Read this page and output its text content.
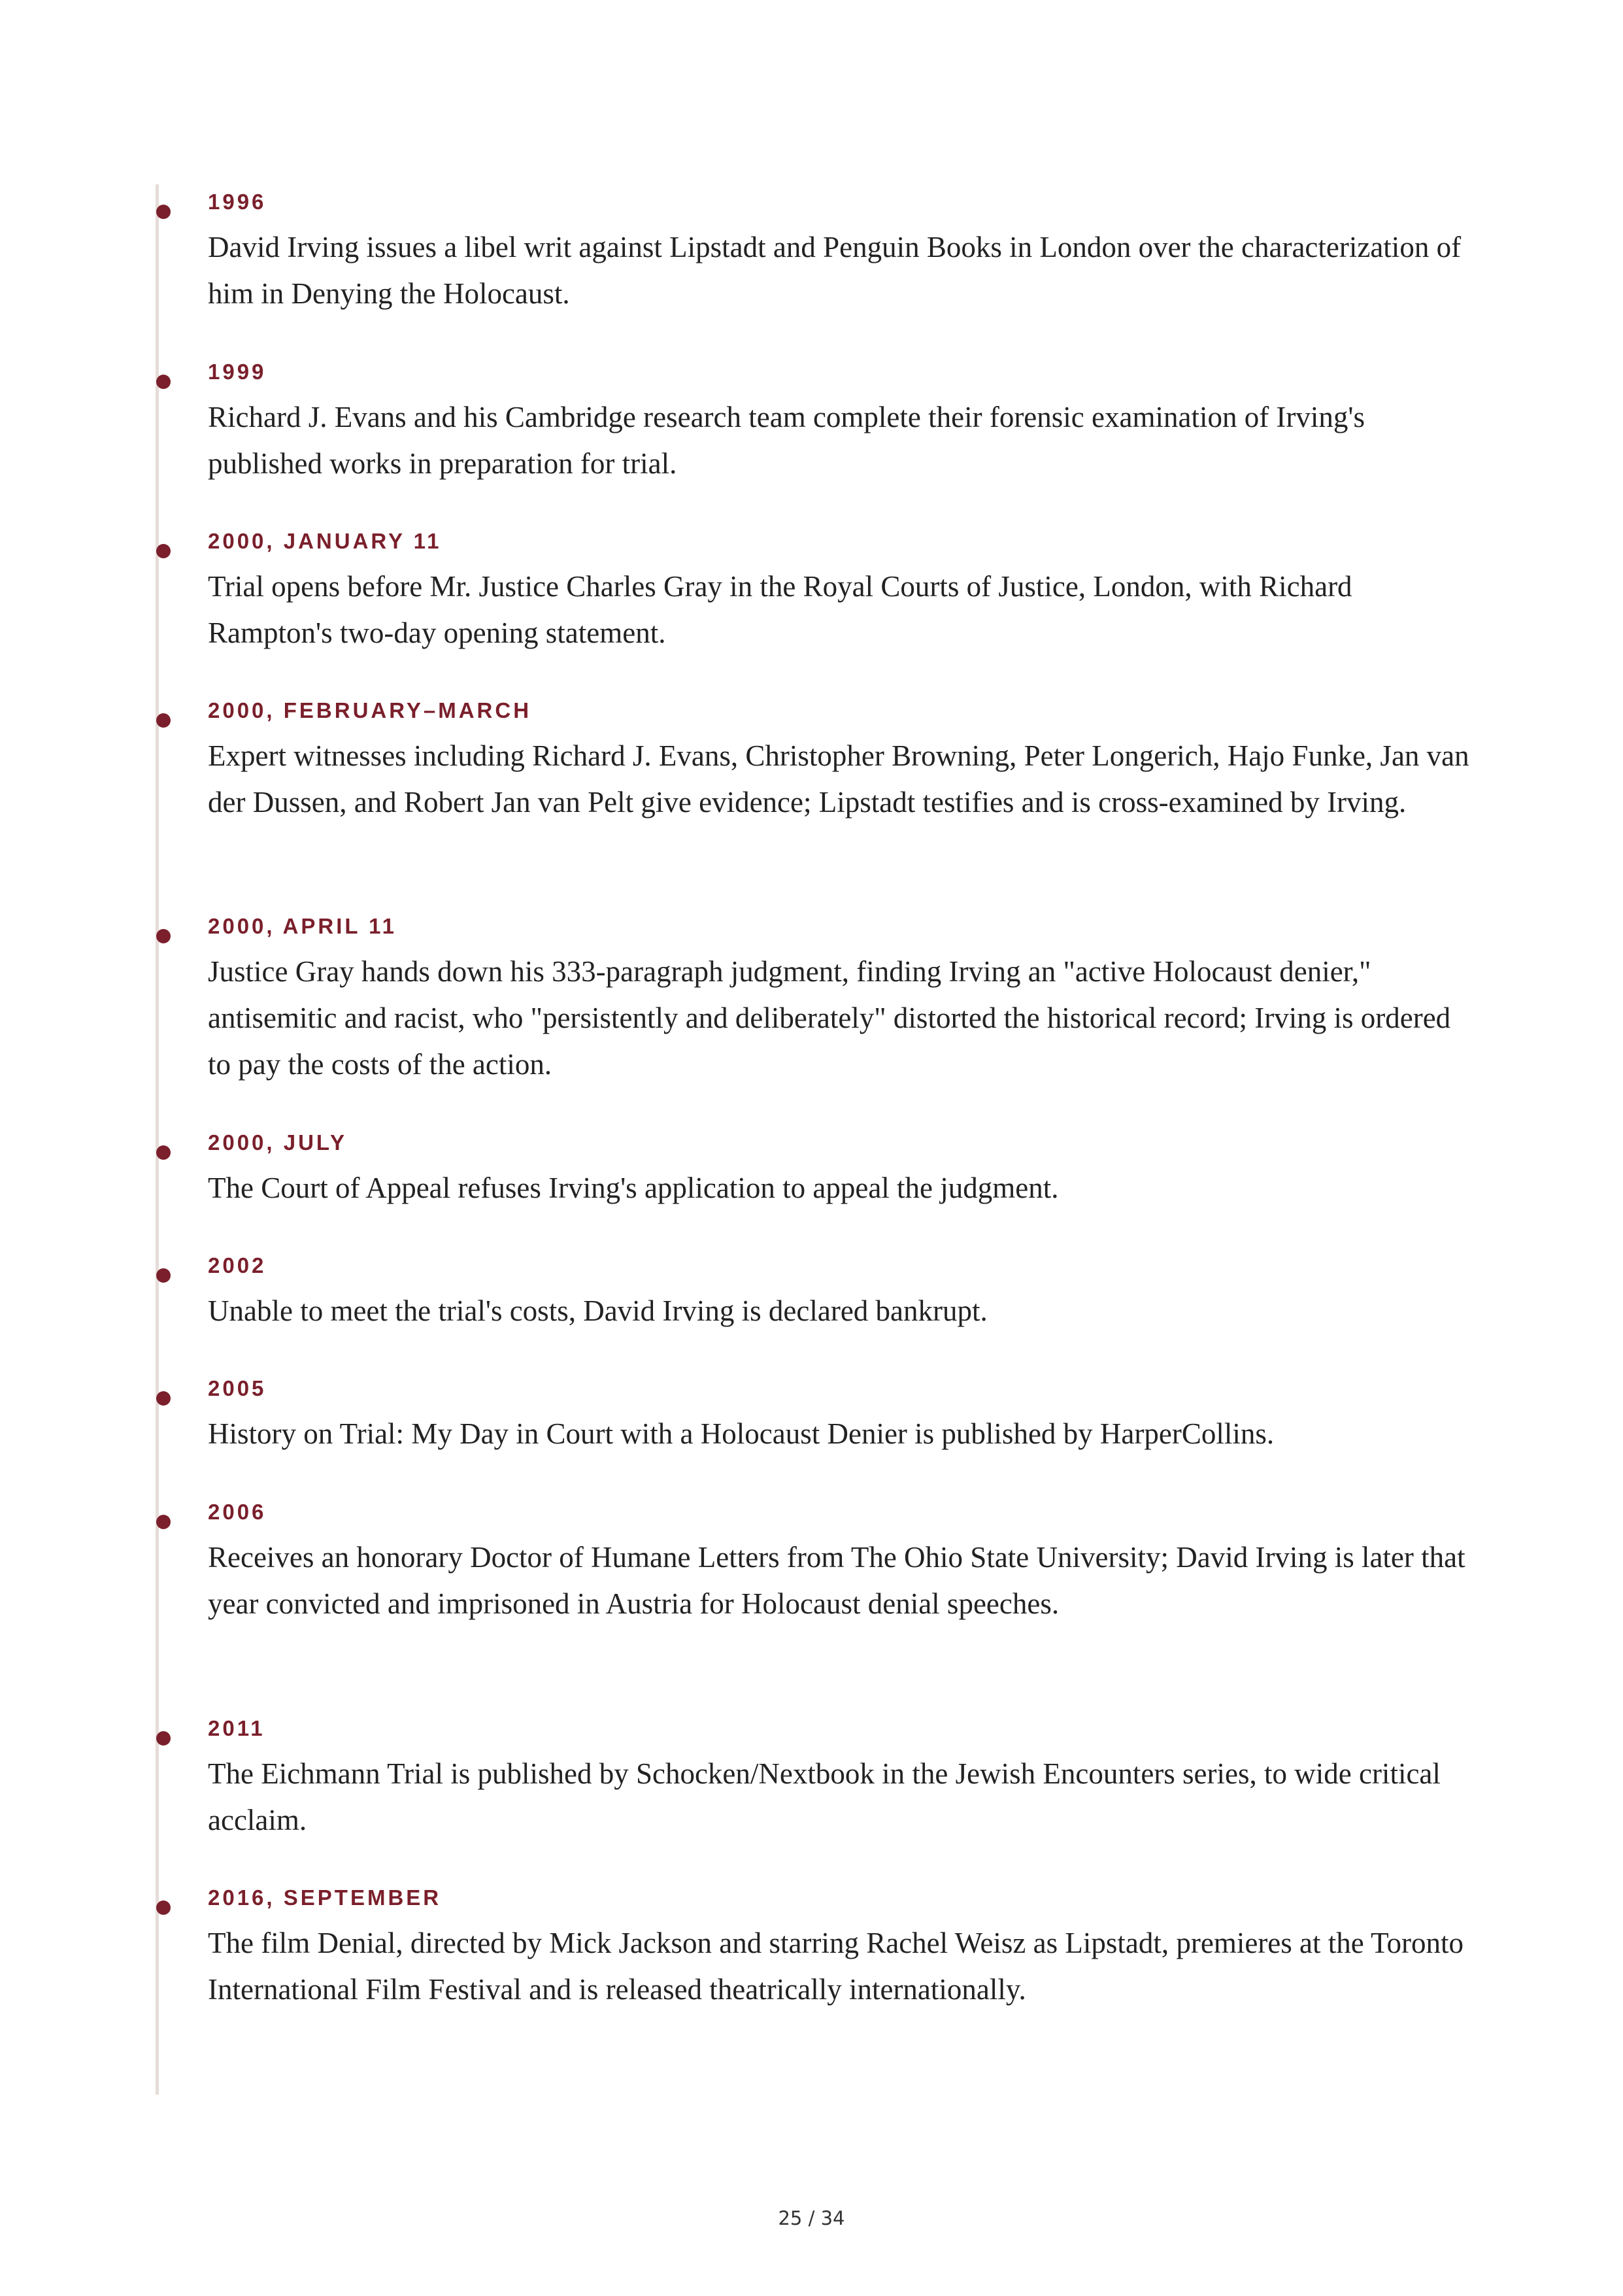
1996

David Irving issues a libel writ against Lipstadt and Penguin Books in London over the characterization of him in Denying the Holocaust.

1999

Richard J. Evans and his Cambridge research team complete their forensic examination of Irving's published works in preparation for trial.

2000, JANUARY 11

Trial opens before Mr. Justice Charles Gray in the Royal Courts of Justice, London, with Richard Rampton's two-day opening statement.

2000, FEBRUARY–MARCH

Expert witnesses including Richard J. Evans, Christopher Browning, Peter Longerich, Hajo Funke, Jan van der Dussen, and Robert Jan van Pelt give evidence; Lipstadt testifies and is cross-examined by Irving.

2000, APRIL 11

Justice Gray hands down his 333-paragraph judgment, finding Irving an "active Holocaust denier," antisemitic and racist, who "persistently and deliberately" distorted the historical record; Irving is ordered to pay the costs of the action.

2000, JULY

The Court of Appeal refuses Irving's application to appeal the judgment.

2002

Unable to meet the trial's costs, David Irving is declared bankrupt.

2005

History on Trial: My Day in Court with a Holocaust Denier is published by HarperCollins.

2006

Receives an honorary Doctor of Humane Letters from The Ohio State University; David Irving is later that year convicted and imprisoned in Austria for Holocaust denial speeches.

2011

The Eichmann Trial is published by Schocken/Nextbook in the Jewish Encounters series, to wide critical acclaim.

2016, SEPTEMBER

The film Denial, directed by Mick Jackson and starring Rachel Weisz as Lipstadt, premieres at the Toronto International Film Festival and is released theatrically internationally.

25 / 34
